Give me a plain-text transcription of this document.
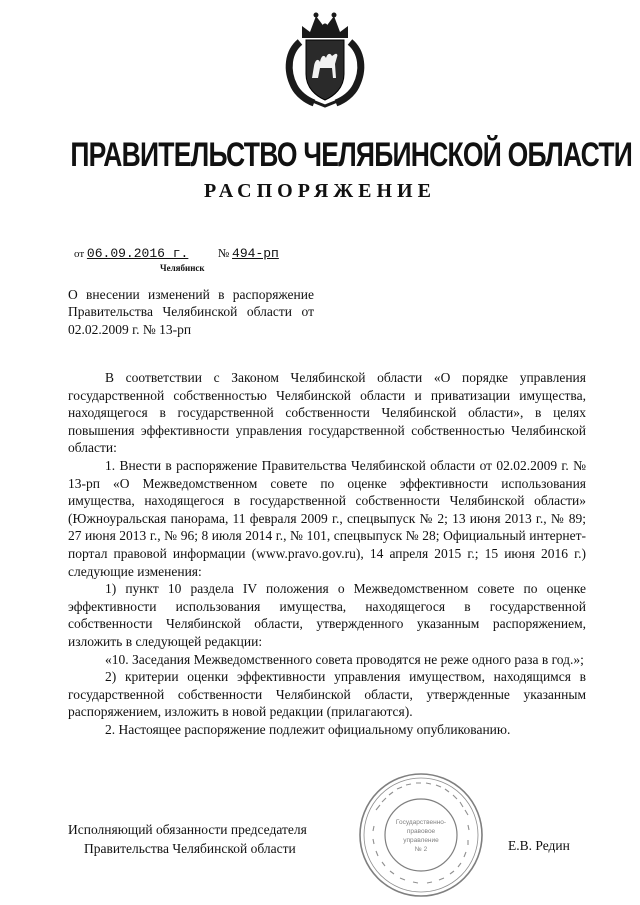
ПРАВИТЕЛЬСТВО ЧЕЛЯБИНСКОЙ ОБЛАСТИ
РАСПОРЯЖЕНИЕ
от 06.09.2016 г. № 494-рп
Челябинск
О внесении изменений в распоряжение Правительства Челябинской области от 02.02.2009 г. № 13-рп

В соответствии с Законом Челябинской области «О порядке управления государственной собственностью Челябинской области и приватизации имущества, находящегося в государственной собственности Челябинской области», в целях повышения эффективности управления государственной собственностью Челябинской области:

1. Внести в распоряжение Правительства Челябинской области от 02.02.2009 г. № 13-рп «О Межведомственном совете по оценке эффективности использования имущества, находящегося в государственной собственности Челябинской области» (Южноуральская панорама, 11 февраля 2009 г., спецвыпуск № 2; 13 июня 2013 г., № 89; 27 июня 2013 г., № 96; 8 июля 2014 г., № 101, спецвыпуск № 28; Официальный интернет-портал правовой информации (www.pravo.gov.ru), 14 апреля 2015 г.; 15 июня 2016 г.) следующие изменения:

1) пункт 10 раздела IV положения о Межведомственном совете по оценке эффективности использования имущества, находящегося в государственной собственности Челябинской области, утвержденного указанным распоряжением, изложить в следующей редакции:

«10. Заседания Межведомственного совета проводятся не реже одного раза в год.»;

2) критерии оценки эффективности управления имуществом, находящимся в государственной собственности Челябинской области, утвержденные указанным распоряжением, изложить в новой редакции (прилагаются).

2. Настоящее распоряжение подлежит официальному опубликованию.

Исполняющий обязанности председателя
Правительства Челябинской области	Е.В. Редин
Государственно-
правовое
управление
№ 2
